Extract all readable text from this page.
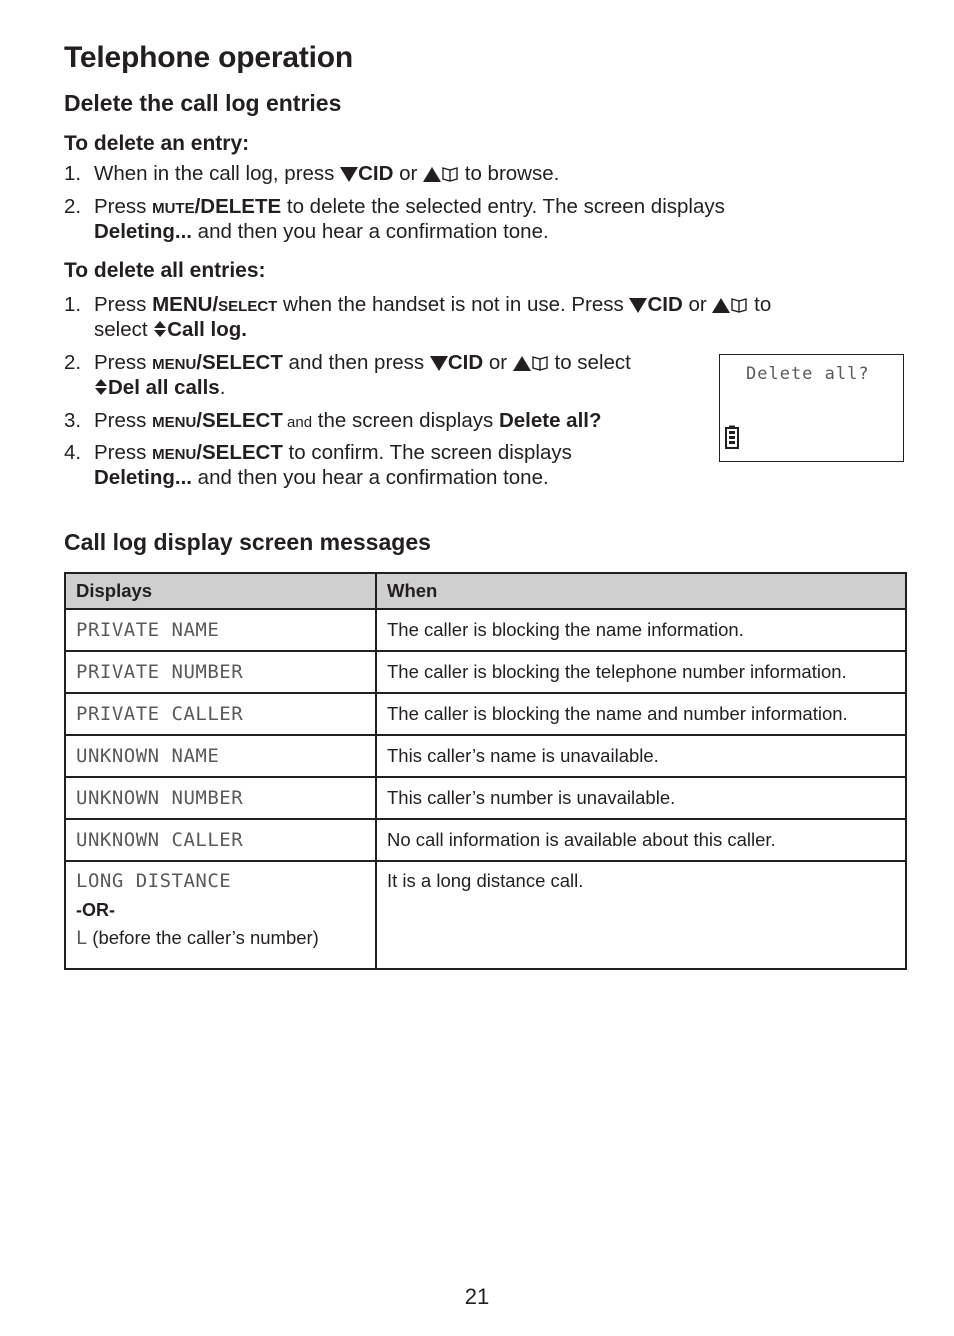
Telephone operation
Delete the call log entries
To delete an entry:
1. When in the call log, press CID or  to browse.
2. Press MUTE/DELETE to delete the selected entry. The screen displays
Deleting... and then you hear a confirmation tone.
To delete all entries:
1. Press MENU/SELECT when the handset is not in use. Press CID or  to
select Call log.
2. Press MENU/SELECT and then press CID or  to select
Del all calls.
3. Press MENU/SELECT and the screen displays Delete all?
4. Press MENU/SELECT to confirm. The screen displays
Deleting... and then you hear a confirmation tone.
Delete all?
Call log display screen messages
Displays	When
PRIVATE NAME	The caller is blocking the name information.
PRIVATE NUMBER	The caller is blocking the telephone number information.
PRIVATE CALLER	The caller is blocking the name and number information.
UNKNOWN NAME	This caller’s name is unavailable.
UNKNOWN NUMBER	This caller’s number is unavailable.
UNKNOWN CALLER	No call information is available about this caller.

LONG DISTANCE
-OR-
L (before the caller’s number)	It is a long distance call.
21
